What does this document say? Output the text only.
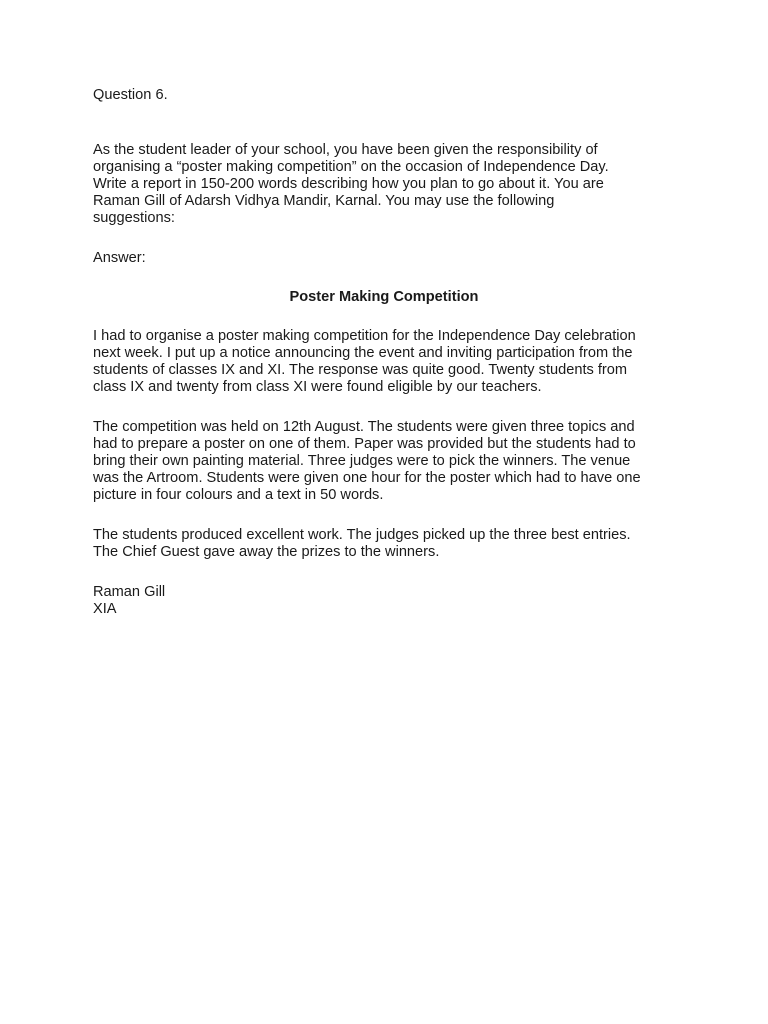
Question 6.

As the student leader of your school, you have been given the responsibility of
organising a “poster making competition” on the occasion of Independence Day.
Write a report in 150-200 words describing how you plan to go about it. You are
Raman Gill of Adarsh Vidhya Mandir, Karnal. You may use the following
suggestions:

Answer:

Poster Making Competition

I had to organise a poster making competition for the Independence Day celebration
next week. I put up a notice announcing the event and inviting participation from the
students of classes IX and XI. The response was quite good. Twenty students from
class IX and twenty from class XI were found eligible by our teachers.

The competition was held on 12th August. The students were given three topics and
had to prepare a poster on one of them. Paper was provided but the students had to
bring their own painting material. Three judges were to pick the winners. The venue
was the Artroom. Students were given one hour for the poster which had to have one
picture in four colours and a text in 50 words.

The students produced excellent work. The judges picked up the three best entries.
The Chief Guest gave away the prizes to the winners.

Raman Gill

XIA
